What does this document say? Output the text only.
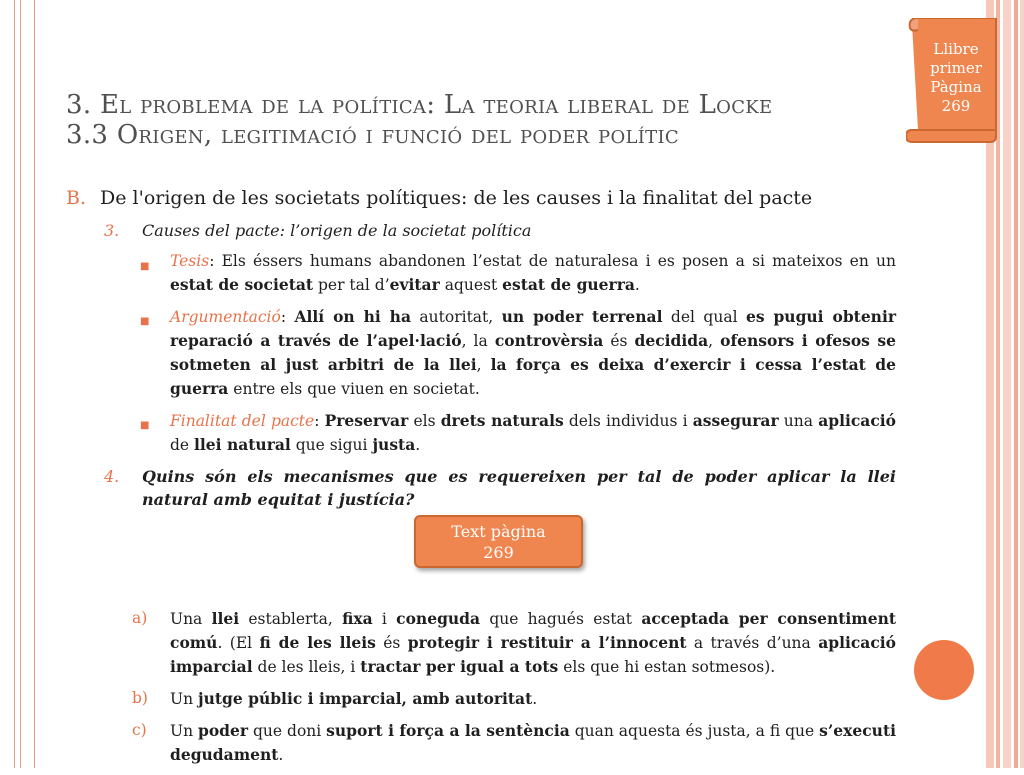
3. El problema de la política: La teoria liberal de Locke
3.3 Origen, legitimació i funció del poder polític
Llibre
primer
Pàgina
269
B. De l'origen de les societats polítiques: de les causes i la finalitat del pacte
3.	Causes del pacte: l’origen de la societat política
■	Tesis: Els éssers humans abandonen l’estat de naturalesa i es posen a si mateixos en un estat de societat per tal d’evitar aquest estat de guerra.
■	Argumentació: Allí on hi ha autoritat, un poder terrenal del qual es pugui obtenir reparació a través de l’apel·lació, la controvèrsia és decidida, ofensors i ofesos se sotmeten al just arbitri de la llei, la força es deixa d’exercir i cessa l’estat de guerra entre els que viuen en societat.
■	Finalitat del pacte: Preservar els drets naturals dels individus i assegurar una aplicació de llei natural que sigui justa.
4.	Quins són els mecanismes que es requereixen per tal de poder aplicar la llei natural amb equitat i justícia?
a)	Una llei establerta, fixa i coneguda que hagués estat acceptada per consentiment comú. (El fi de les lleis és protegir i restituir a l’innocent a través d’una aplicació imparcial de les lleis, i tractar per igual a tots els que hi estan sotmesos).
b)	Un jutge públic i imparcial, amb autoritat.
c)	Un poder que doni suport i força a la sentència quan aquesta és justa, a fi que s’executi degudament.
Text pàgina
269
